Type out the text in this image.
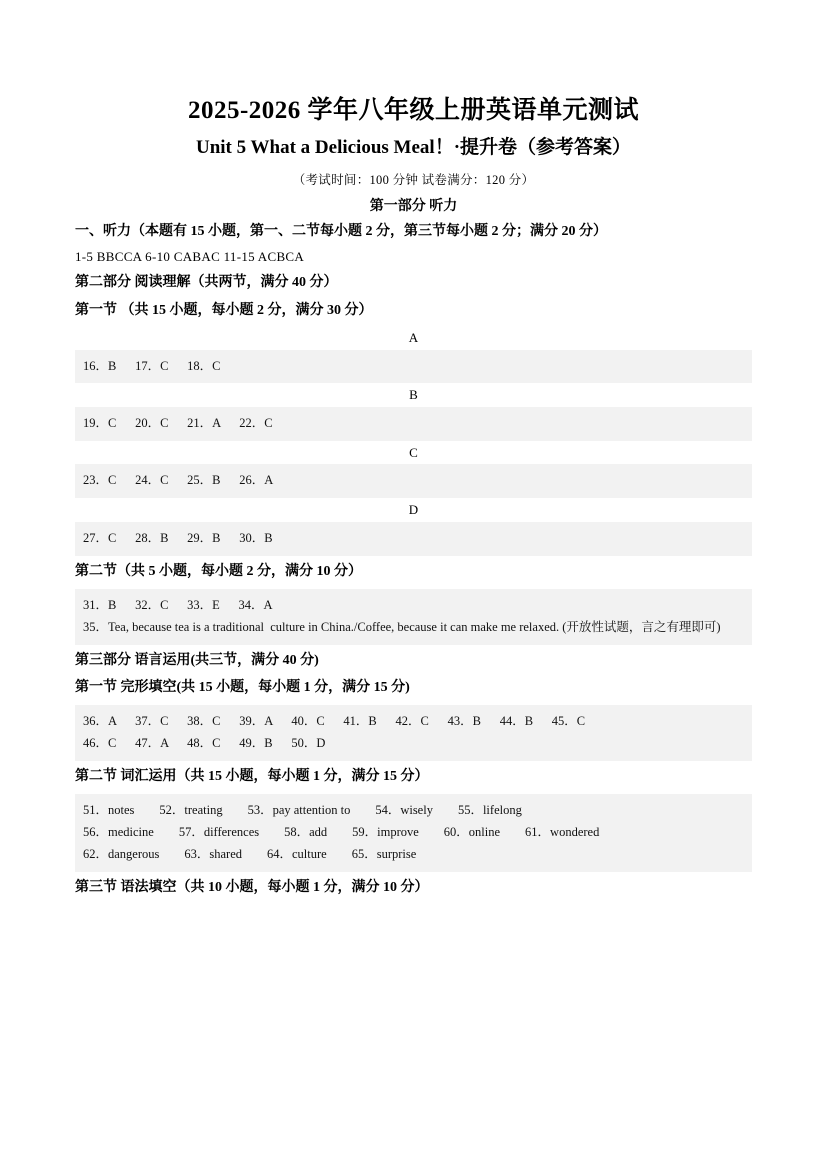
2025-2026 学年八年级上册英语单元测试
Unit 5 What a Delicious Meal！·提升卷（参考答案）
（考试时间：100 分钟 试卷满分：120 分）
第一部分 听力
一、听力（本题有 15 小题，第一、二节每小题 2 分，第三节每小题 2 分；满分 20 分）
1-5 BBCCA 6-10 CABAC 11-15 ACBCA
第二部分 阅读理解（共两节，满分 40 分）
第一节 （共 15 小题，每小题 2 分，满分 30 分）
A
16．B      17．C      18．C
B
19．C      20．C      21．A      22．C
C
23．C      24．C      25．B      26．A
D
27．C      28．B      29．B      30．B
第二节（共 5 小题，每小题 2 分，满分 10 分）
31．B      32．C      33．E      34．A
35．Tea, because tea is a traditional  culture in China./Coffee, because it can make me relaxed. (开放性试题，言之有理即可)
第三部分 语言运用(共三节，满分 40 分)
第一节 完形填空(共 15 小题，每小题 1 分，满分 15 分)
36．A      37．C      38．C      39．A      40．C      41．B      42．C      43．B      44．B      45．C
46．C      47．A      48．C      49．B      50．D
第二节 词汇运用（共 15 小题，每小题 1 分，满分 15 分）
51．notes        52．treating        53．pay attention to        54．wisely        55．lifelong
56．medicine        57．differences        58．add        59．improve        60．online        61．wondered
62．dangerous        63．shared        64．culture        65．surprise
第三节 语法填空（共 10 小题，每小题 1 分，满分 10 分）
